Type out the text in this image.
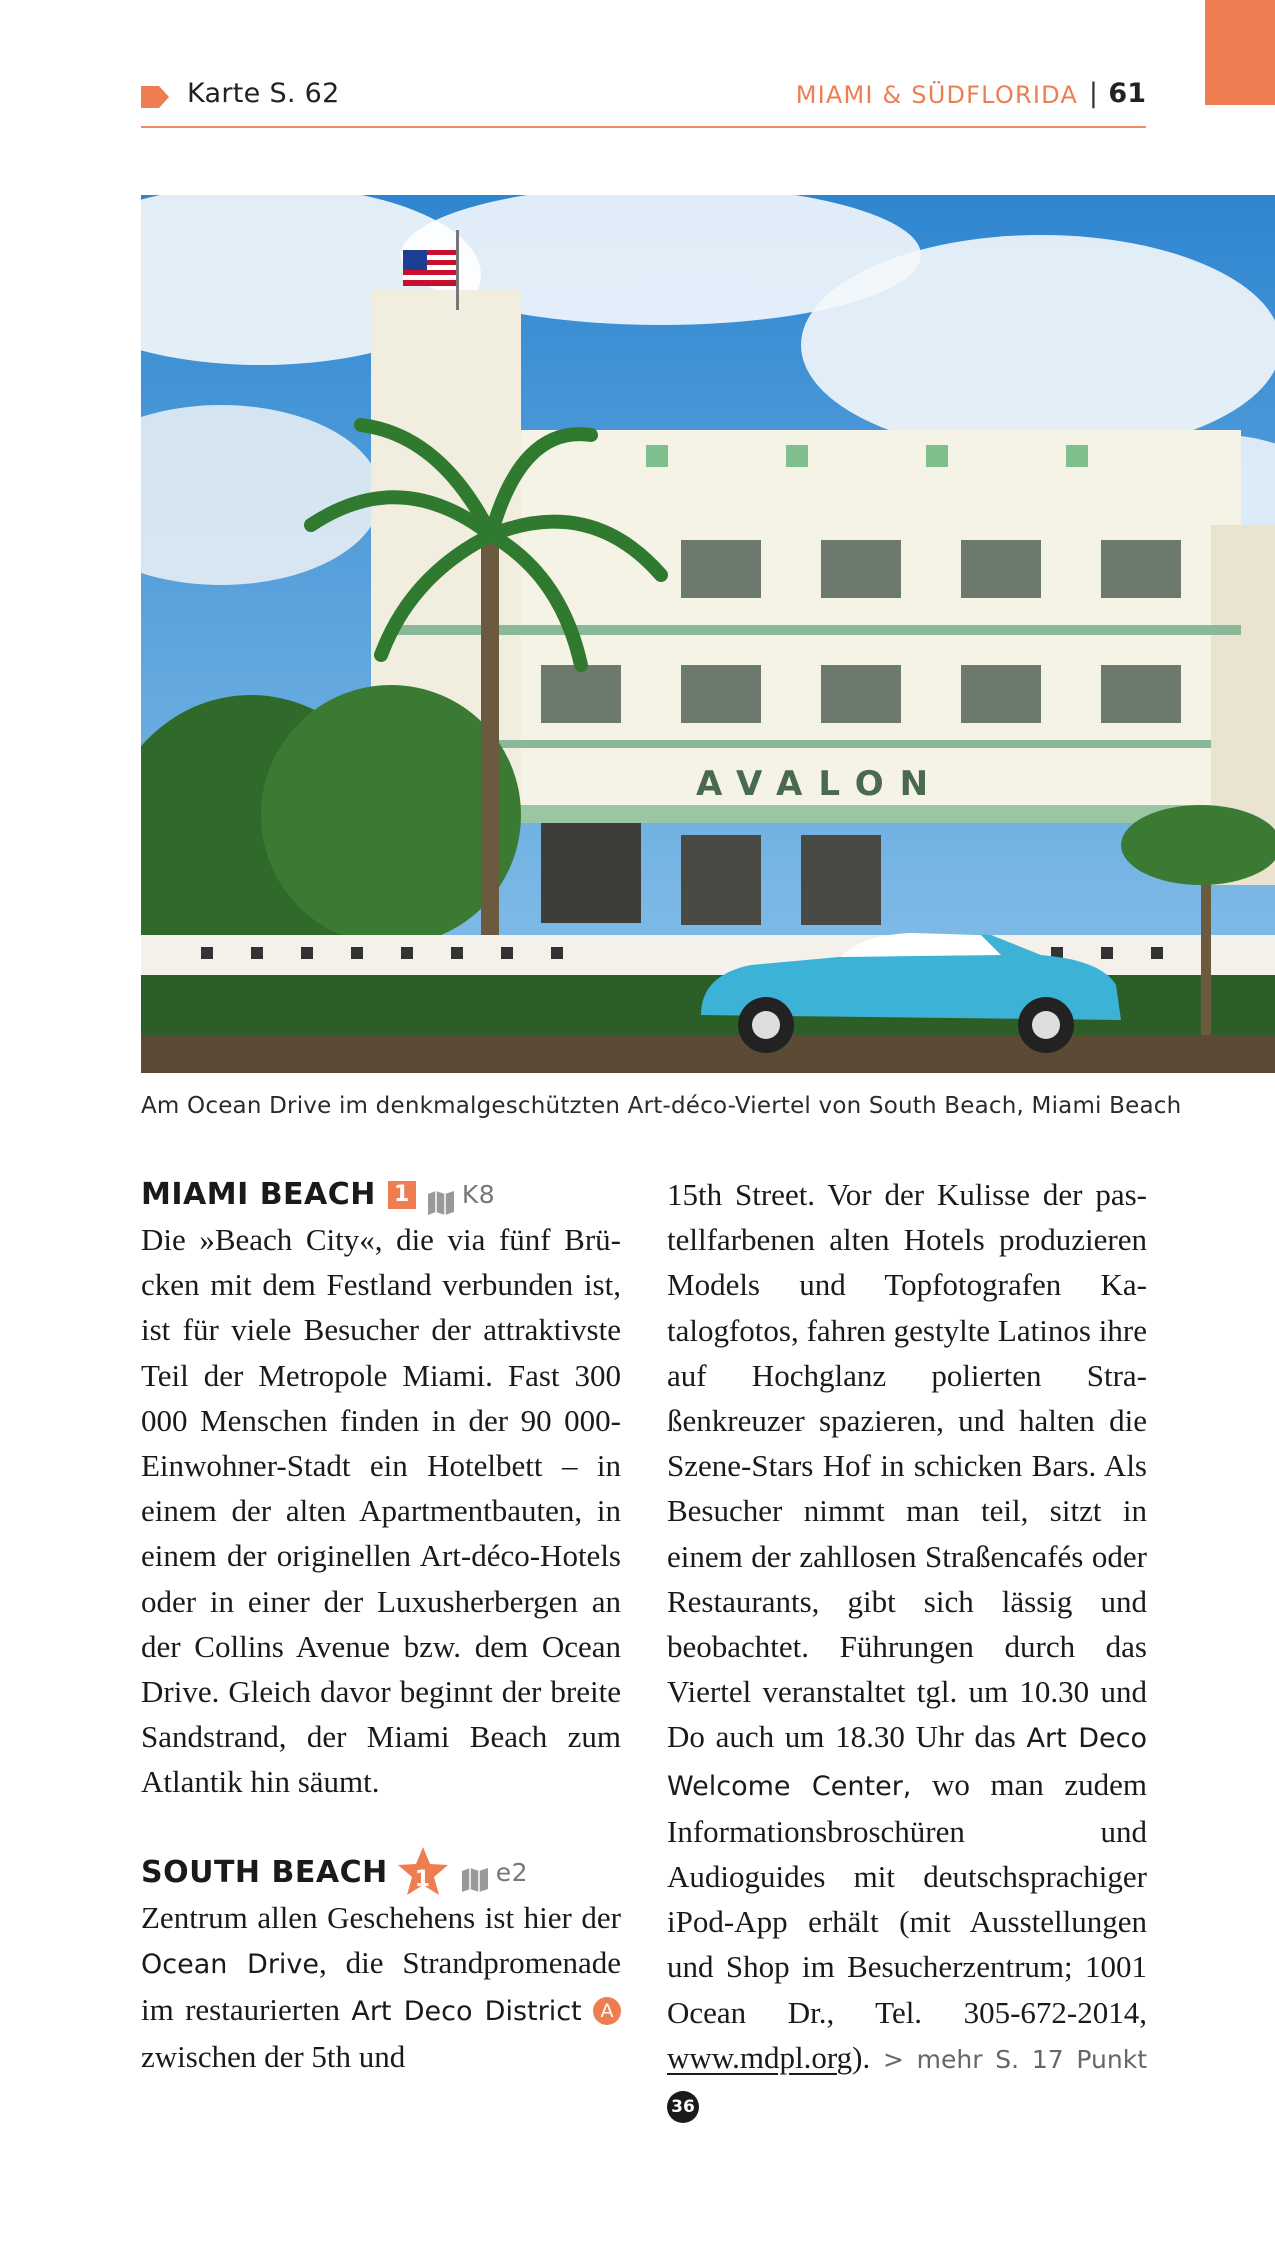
Karte S. 62	MIAMI & SÜDFLORIDA | 61
AVALON
Am Ocean Drive im denkmalgeschützten Art-déco-Viertel von South Beach, Miami Beach
MIAMI BEACH 1 K8

Die »Beach City«, die via fünf Brücken mit dem Festland verbunden ist, ist für viele Besucher der attraktivste Teil der Metropole Miami. Fast 300 000 Menschen finden in der 90 000-Einwohner-Stadt ein Hotelbett – in einem der alten Apartmentbauten, in einem der originellen Art-déco-Hotels oder in einer der Luxusherbergen an der Collins Avenue bzw. dem Ocean Drive. Gleich davor beginnt der breite Sandstrand, der Miami Beach zum Atlantik hin säumt.

SOUTH BEACH	1	e2

Zentrum allen Geschehens ist hier der Ocean Drive, die Strandpromenade im restaurierten Art Deco District A zwischen der 5th und

15th Street. Vor der Kulisse der pastellfarbenen alten Hotels produzieren Models und Topfotografen Katalogfotos, fahren gestylte Latinos ihre auf Hochglanz polierten Straßenkreuzer spazieren, und halten die Szene-Stars Hof in schicken Bars. Als Besucher nimmt man teil, sitzt in einem der zahllosen Straßencafés oder Restaurants, gibt sich lässig und beobachtet. Führungen durch das Viertel veranstaltet tgl. um 10.30 und Do auch um 18.30 Uhr das Art Deco Welcome Center, wo man zudem Informationsbroschüren und Audioguides mit deutschsprachiger iPod-App erhält (mit Ausstellungen und Shop im Besucherzentrum; 1001 Ocean Dr., Tel. 305-672-2014, www.mdpl.org). > mehr S. 17 Punkt 36
